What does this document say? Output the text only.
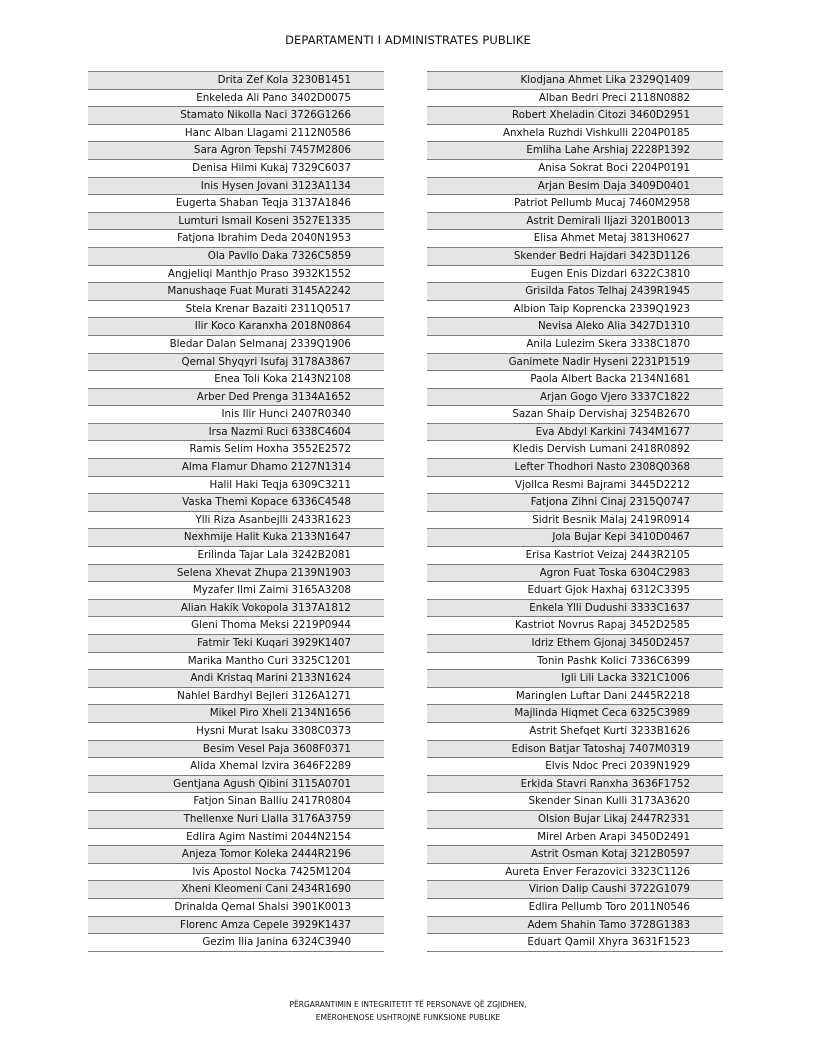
DEPARTAMENTI I ADMINISTRATES PUBLIKE
Drita Zef Kola 3230B1451
Enkeleda Ali Pano 3402D0075
Stamato Nikolla Naci 3726G1266
Hanc Alban Llagami 2112N0586
Sara Agron Tepshi 7457M2806
Denisa Hilmi Kukaj 7329C6037
Inis Hysen Jovani 3123A1134
Eugerta Shaban Teqja 3137A1846
Lumturi Ismail Koseni 3527E1335
Fatjona Ibrahim Deda 2040N1953
Ola Pavllo Daka 7326C5859
Angjeliqi Manthjo Praso 3932K1552
Manushaqe Fuat Murati 3145A2242
Stela Krenar Bazaiti 2311Q0517
Ilir Koco Karanxha 2018N0864
Bledar Dalan Selmanaj 2339Q1906
Qemal Shyqyri Isufaj 3178A3867
Enea Toli Koka 2143N2108
Arber Ded Prenga 3134A1652
Inis Ilir Hunci 2407R0340
Irsa Nazmi Ruci 6338C4604
Ramis Selim Hoxha 3552E2572
Alma Flamur Dhamo 2127N1314
Halil Haki Teqja 6309C3211
Vaska Themi Kopace 6336C4548
Ylli Riza Asanbejlli 2433R1623
Nexhmije Halit Kuka 2133N1647
Erilinda Tajar Lala 3242B2081
Selena Xhevat Zhupa 2139N1903
Myzafer Ilmi Zaimi 3165A3208
Alian Hakik Vokopola 3137A1812
Gleni Thoma Meksi 2219P0944
Fatmir Teki Kuqari 3929K1407
Marika Mantho Curi 3325C1201
Andi Kristaq Marini 2133N1624
Nahlel Bardhyl Bejleri 3126A1271
Mikel Piro Xheli 2134N1656
Hysni Murat Isaku 3308C0373
Besim Vesel Paja 3608F0371
Alida Xhemal Izvira 3646F2289
Gentjana Agush Qibini 3115A0701
Fatjon Sinan Balliu 2417R0804
Thellenxe Nuri Llalla 3176A3759
Edlira Agim Nastimi 2044N2154
Anjeza Tomor Koleka 2444R2196
Ivis Apostol Nocka 7425M1204
Xheni Kleomeni Cani 2434R1690
Drinalda Qemal Shalsi 3901K0013
Florenc Amza Cepele 3929K1437
Gezim Ilia Janina 6324C3940
Klodjana Ahmet Lika 2329Q1409
Alban Bedri Preci 2118N0882
Robert Xheladin Citozi 3460D2951
Anxhela Ruzhdi Vishkulli 2204P0185
Emliha Lahe Arshiaj 2228P1392
Anisa Sokrat Boci 2204P0191
Arjan Besim Daja 3409D0401
Patriot Pellumb Mucaj 7460M2958
Astrit Demirali Iljazi 3201B0013
Elisa Ahmet Metaj 3813H0627
Skender Bedri Hajdari 3423D1126
Eugen Enis Dizdari 6322C3810
Grisilda Fatos Telhaj 2439R1945
Albion Taip Koprencka 2339Q1923
Nevisa Aleko Alia 3427D1310
Anila Lulezim Skera 3338C1870
Ganimete Nadir Hyseni 2231P1519
Paola Albert Backa 2134N1681
Arjan Gogo Vjero 3337C1822
Sazan Shaip Dervishaj 3254B2670
Eva Abdyl Karkini 7434M1677
Kledis Dervish Lumani 2418R0892
Lefter Thodhori Nasto 2308Q0368
Vjollca Resmi Bajrami 3445D2212
Fatjona Zihni Cinaj 2315Q0747
Sidrit Besnik Malaj 2419R0914
Jola Bujar Kepi 3410D0467
Erisa Kastriot Veizaj 2443R2105
Agron Fuat Toska 6304C2983
Eduart Gjok Haxhaj 6312C3395
Enkela Ylli Dudushi 3333C1637
Kastriot Novrus Rapaj 3452D2585
Idriz Ethem Gjonaj 3450D2457
Tonin Pashk Kolici 7336C6399
Igli Lili Lacka 3321C1006
Maringlen Luftar Dani 2445R2218
Majlinda Hiqmet Ceca 6325C3989
Astrit Shefqet Kurti 3233B1626
Edison Batjar Tatoshaj 7407M0319
Elvis Ndoc Preci 2039N1929
Erkida Stavri Ranxha 3636F1752
Skender Sinan Kulli 3173A3620
Olsion Bujar Likaj 2447R2331
Mirel Arben Arapi 3450D2491
Astrit Osman Kotaj 3212B0597
Aureta Enver Ferazovici 3323C1126
Virion Dalip Caushi 3722G1079
Edlira Pellumb Toro 2011N0546
Adem Shahin Tamo 3728G1383
Eduart Qamil Xhyra 3631F1523
PËRGARANTIMIN E INTEGRITETIT TË PERSONAVE QË ZGJIDHEN,
EMËROHENOSE USHTROJNË FUNKSIONE PUBLIKE
